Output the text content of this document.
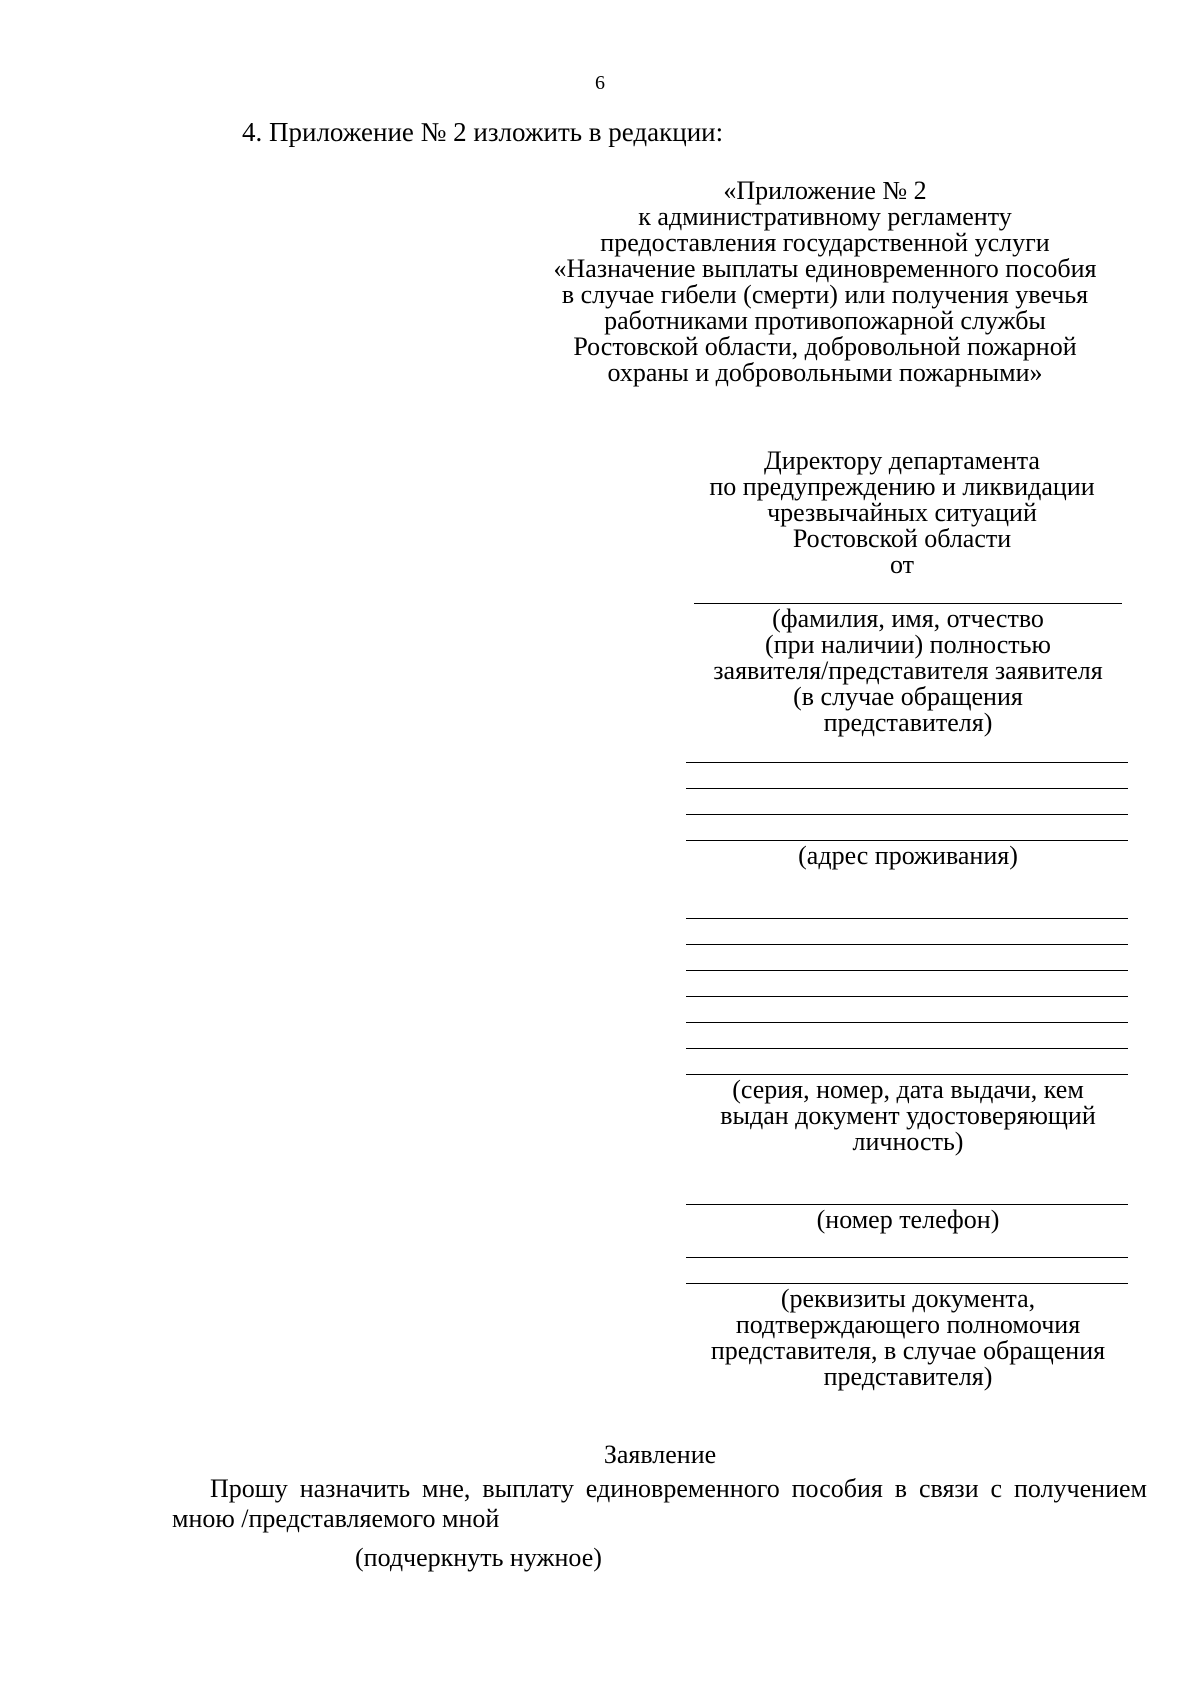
6
4. Приложение № 2 изложить в редакции:
«Приложение № 2
к административному регламенту
предоставления государственной услуги
«Назначение выплаты единовременного пособия
в случае гибели (смерти) или получения увечья
работниками противопожарной службы
Ростовской области, добровольной пожарной
охраны и добровольными пожарными»
Директору департамента
по предупреждению и ликвидации
чрезвычайных ситуаций
Ростовской области
от
(фамилия, имя, отчество
(при наличии) полностью
заявителя/представителя заявителя
(в случае обращения
представителя)
(адрес проживания)
(серия, номер, дата выдачи, кем
выдан документ удостоверяющий
личность)
(номер телефон)
(реквизиты документа,
подтверждающего полномочия
представителя, в случае обращения
представителя)
Заявление
Прошу назначить мне, выплату единовременного пособия в связи с получением мною /представляемого мной
(подчеркнуть нужное)
